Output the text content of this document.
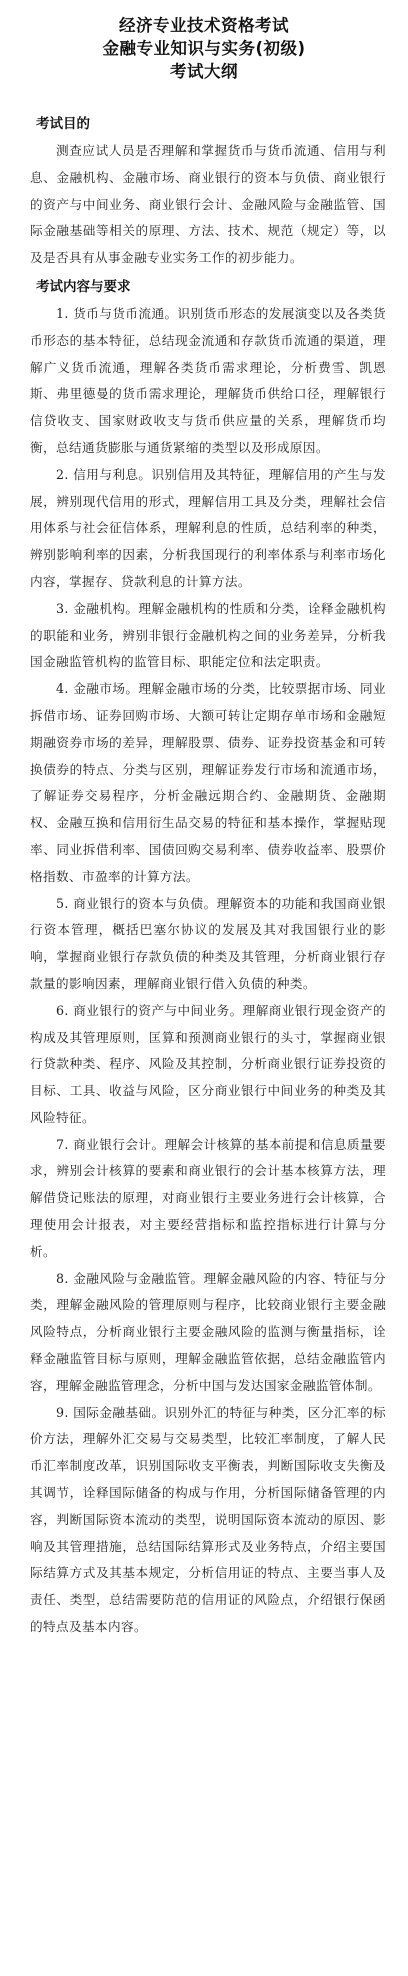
经济专业技术资格考试
金融专业知识与实务(初级)
考试大纲
考试目的

测查应试人员是否理解和掌握货币与货币流通、信用与利息、金融机构、金融市场、商业银行的资本与负债、商业银行的资产与中间业务、商业银行会计、金融风险与金融监管、国际金融基础等相关的原理、方法、技术、规范（规定）等，以及是否具有从事金融专业实务工作的初步能力。

考试内容与要求

1. 货币与货币流通。识别货币形态的发展演变以及各类货币形态的基本特征，总结现金流通和存款货币流通的渠道，理解广义货币流通，理解各类货币需求理论，分析费雪、凯恩斯、弗里德曼的货币需求理论，理解货币供给口径，理解银行信贷收支、国家财政收支与货币供应量的关系，理解货币均衡，总结通货膨胀与通货紧缩的类型以及形成原因。

2. 信用与利息。识别信用及其特征，理解信用的产生与发展，辨别现代信用的形式，理解信用工具及分类，理解社会信用体系与社会征信体系，理解利息的性质，总结利率的种类，辨别影响利率的因素，分析我国现行的利率体系与利率市场化内容，掌握存、贷款利息的计算方法。

3. 金融机构。理解金融机构的性质和分类，诠释金融机构的职能和业务，辨别非银行金融机构之间的业务差异，分析我国金融监管机构的监管目标、职能定位和法定职责。

4. 金融市场。理解金融市场的分类，比较票据市场、同业拆借市场、证券回购市场、大额可转让定期存单市场和金融短期融资券市场的差异，理解股票、债券、证券投资基金和可转换债券的特点、分类与区别，理解证券发行市场和流通市场，了解证券交易程序，分析金融远期合约、金融期货、金融期权、金融互换和信用衍生品交易的特征和基本操作，掌握贴现率、同业拆借利率、国债回购交易利率、债券收益率、股票价格指数、市盈率的计算方法。

5. 商业银行的资本与负债。理解资本的功能和我国商业银行资本管理，概括巴塞尔协议的发展及其对我国银行业的影响，掌握商业银行存款负债的种类及其管理，分析商业银行存款量的影响因素，理解商业银行借入负债的种类。

6. 商业银行的资产与中间业务。理解商业银行现金资产的构成及其管理原则，匡算和预测商业银行的头寸，掌握商业银行贷款种类、程序、风险及其控制，分析商业银行证券投资的目标、工具、收益与风险，区分商业银行中间业务的种类及其风险特征。

7. 商业银行会计。理解会计核算的基本前提和信息质量要求，辨别会计核算的要素和商业银行的会计基本核算方法，理解借贷记账法的原理，对商业银行主要业务进行会计核算，合理使用会计报表，对主要经营指标和监控指标进行计算与分析。

8. 金融风险与金融监管。理解金融风险的内容、特征与分类，理解金融风险的管理原则与程序，比较商业银行主要金融风险特点，分析商业银行主要金融风险的监测与衡量指标，诠释金融监管目标与原则，理解金融监管依据，总结金融监管内容，理解金融监管理念，分析中国与发达国家金融监管体制。

9. 国际金融基础。识别外汇的特征与种类，区分汇率的标价方法，理解外汇交易与交易类型，比较汇率制度，了解人民币汇率制度改革，识别国际收支平衡表，判断国际收支失衡及其调节，诠释国际储备的构成与作用，分析国际储备管理的内容，判断国际资本流动的类型，说明国际资本流动的原因、影响及其管理措施，总结国际结算形式及业务特点，介绍主要国际结算方式及其基本规定，分析信用证的特点、主要当事人及责任、类型，总结需要防范的信用证的风险点，介绍银行保函的特点及基本内容。
